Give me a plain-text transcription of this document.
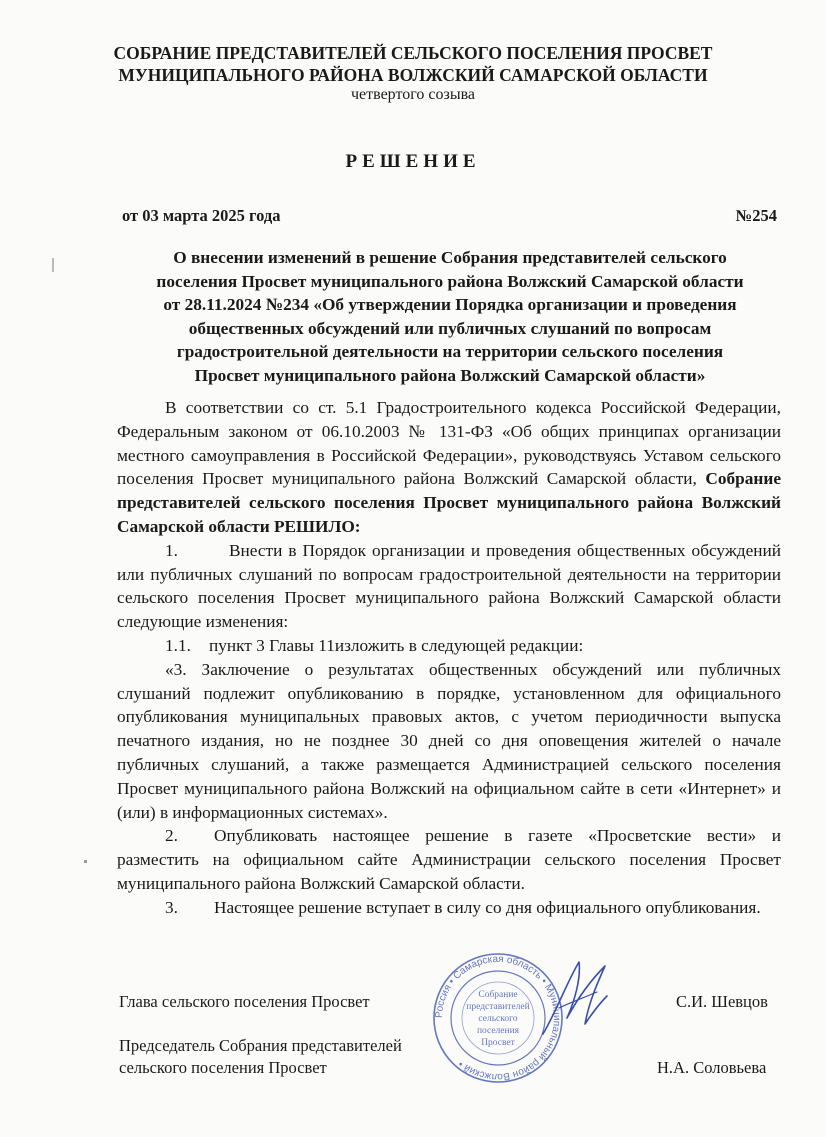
СОБРАНИЕ ПРЕДСТАВИТЕЛЕЙ СЕЛЬСКОГО ПОСЕЛЕНИЯ ПРОСВЕТ
МУНИЦИПАЛЬНОГО РАЙОНА ВОЛЖСКИЙ САМАРСКОЙ ОБЛАСТИ
четвертого созыва
РЕШЕНИЕ
от 03 марта 2025 года	№254
О внесении изменений в решение Собрания представителей сельского
поселения Просвет муниципального района Волжский Самарской области
от 28.11.2024 №234 «Об утверждении Порядка организации и проведения
общественных обсуждений или публичных слушаний по вопросам
градостроительной деятельности на территории сельского поселения
Просвет муниципального района Волжский Самарской области»

В соответствии со ст. 5.1 Градостроительного кодекса Российской Федерации, Федеральным законом от 06.10.2003 № 131-ФЗ «Об общих принципах организации местного самоуправления в Российской Федерации», руководствуясь Уставом сельского поселения Просвет муниципального района Волжский Самарской области, Собрание представителей сельского поселения Просвет муниципального района Волжский Самарской области РЕШИЛО:

1.	Внести в Порядок организации и проведения общественных обсуждений или публичных слушаний по вопросам градостроительной деятельности на территории сельского поселения Просвет муниципального района Волжский Самарской области следующие изменения:

1.1. пункт 3 Главы 11изложить в следующей редакции:

«3. Заключение о результатах общественных обсуждений или публичных слушаний подлежит опубликованию в порядке, установленном для официального опубликования муниципальных правовых актов, с учетом периодичности выпуска печатного издания, но не позднее 30 дней со дня оповещения жителей о начале публичных слушаний, а также размещается Администрацией сельского поселения Просвет муниципального района Волжский на официальном сайте в сети «Интернет» и (или) в информационных системах».

2. Опубликовать настоящее решение в газете «Просветские вести» и разместить на официальном сайте Администрации сельского поселения Просвет муниципального района Волжский Самарской области.

3. Настоящее решение вступает в силу со дня официального опубликования.

Россия • Самарская область • Муниципальный район Волжский •
Собрание
представителей
сельского
поселения
Просвет
Глава сельского поселения Просвет	С.И. Шевцов
Председатель Собрания представителей
сельского поселения Просвет	Н.А. Соловьева
